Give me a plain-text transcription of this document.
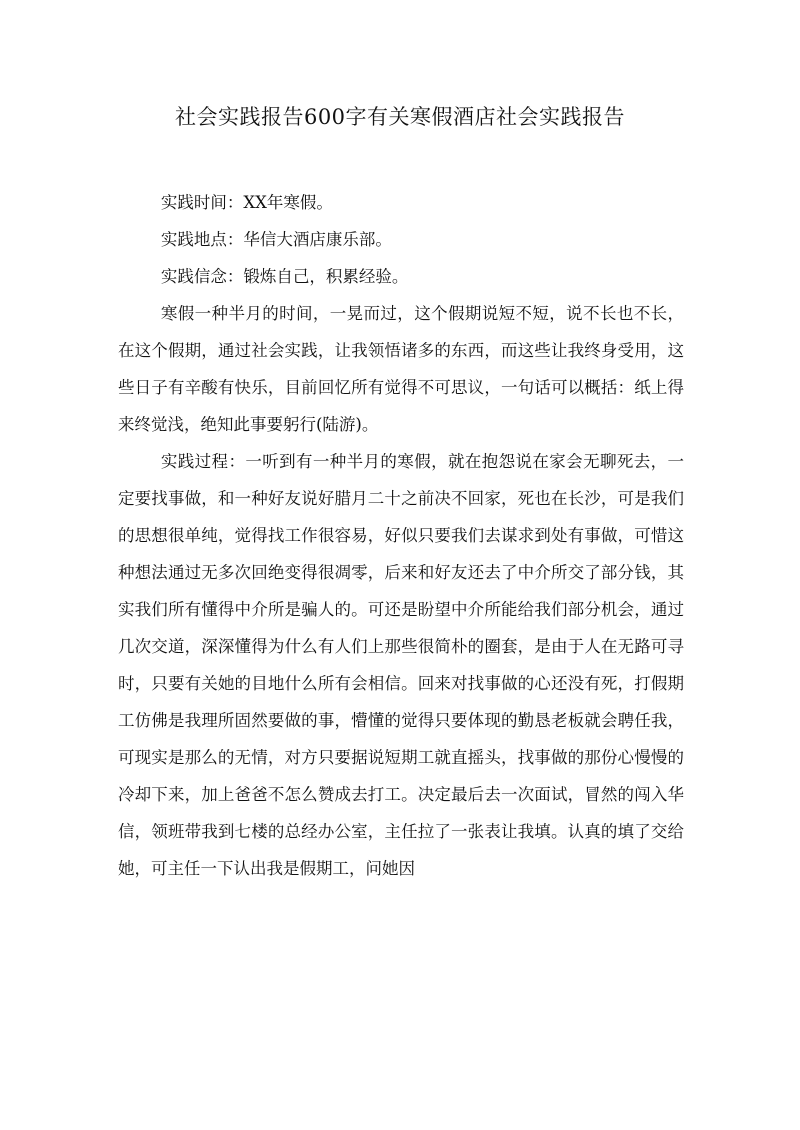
社会实践报告600字有关寒假酒店社会实践报告

实践时间：XX年寒假。

实践地点：华信大酒店康乐部。

实践信念：锻炼自己，积累经验。

寒假一种半月的时间，一晃而过，这个假期说短不短，说不长也不长，在这个假期，通过社会实践，让我领悟诸多的东西，而这些让我终身受用，这些日子有辛酸有快乐，目前回忆所有觉得不可思议，一句话可以概括：纸上得来终觉浅，绝知此事要躬行(陆游)。

实践过程：一听到有一种半月的寒假，就在抱怨说在家会无聊死去，一定要找事做，和一种好友说好腊月二十之前决不回家，死也在长沙，可是我们的思想很单纯，觉得找工作很容易，好似只要我们去谋求到处有事做，可惜这种想法通过无多次回绝变得很凋零，后来和好友还去了中介所交了部分钱，其实我们所有懂得中介所是骗人的。可还是盼望中介所能给我们部分机会，通过几次交道，深深懂得为什么有人们上那些很简朴的圈套，是由于人在无路可寻时，只要有关她的目地什么所有会相信。回来对找事做的心还没有死，打假期工仿佛是我理所固然要做的事，懵懂的觉得只要体现的勤恳老板就会聘任我，可现实是那么的无情，对方只要据说短期工就直摇头，找事做的那份心慢慢的冷却下来，加上爸爸不怎么赞成去打工。决定最后去一次面试，冒然的闯入华信，领班带我到七楼的总经办公室，主任拉了一张表让我填。认真的填了交给她，可主任一下认出我是假期工，问她因
